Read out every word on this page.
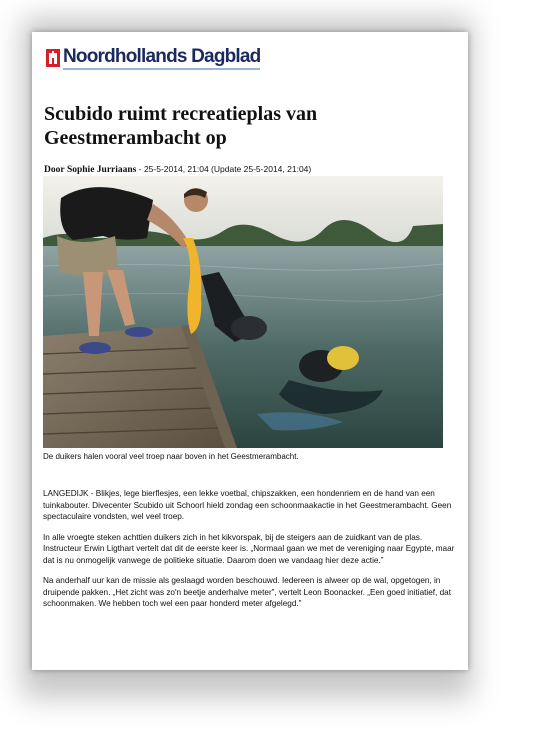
Noordhollands Dagblad
Scubido ruimt recreatieplas van Geestmerambacht op
Door Sophie Jurriaans - 25-5-2014, 21:04 (Update 25-5-2014, 21:04)
De duikers halen vooral veel troep naar boven in het Geestmerambacht.

LANGEDIJK - Blikjes, lege bierflesjes, een lekke voetbal, chipszakken, een hondenriem en de hand van een tuinkabouter. Divecenter Scubido uit Schoorl hield zondag een schoonmaakactie in het Geestmerambacht. Geen spectaculaire vondsten, wel veel troep.

In alle vroegte steken achttien duikers zich in het kikvorspak, bij de steigers aan de zuidkant van de plas. Instructeur Erwin Ligthart vertelt dat dit de eerste keer is. „Normaal gaan we met de vereniging naar Egypte, maar dat is nu onmogelijk vanwege de politieke situatie. Daarom doen we vandaag hier deze actie.”

Na anderhalf uur kan de missie als geslaagd worden beschouwd. Iedereen is alweer op de wal, opgetogen, in druipende pakken. „Het zicht was zo'n beetje anderhalve meter”, vertelt Leon Boonacker. „Een goed initiatief, dat schoonmaken. We hebben toch wel een paar honderd meter afgelegd.”
